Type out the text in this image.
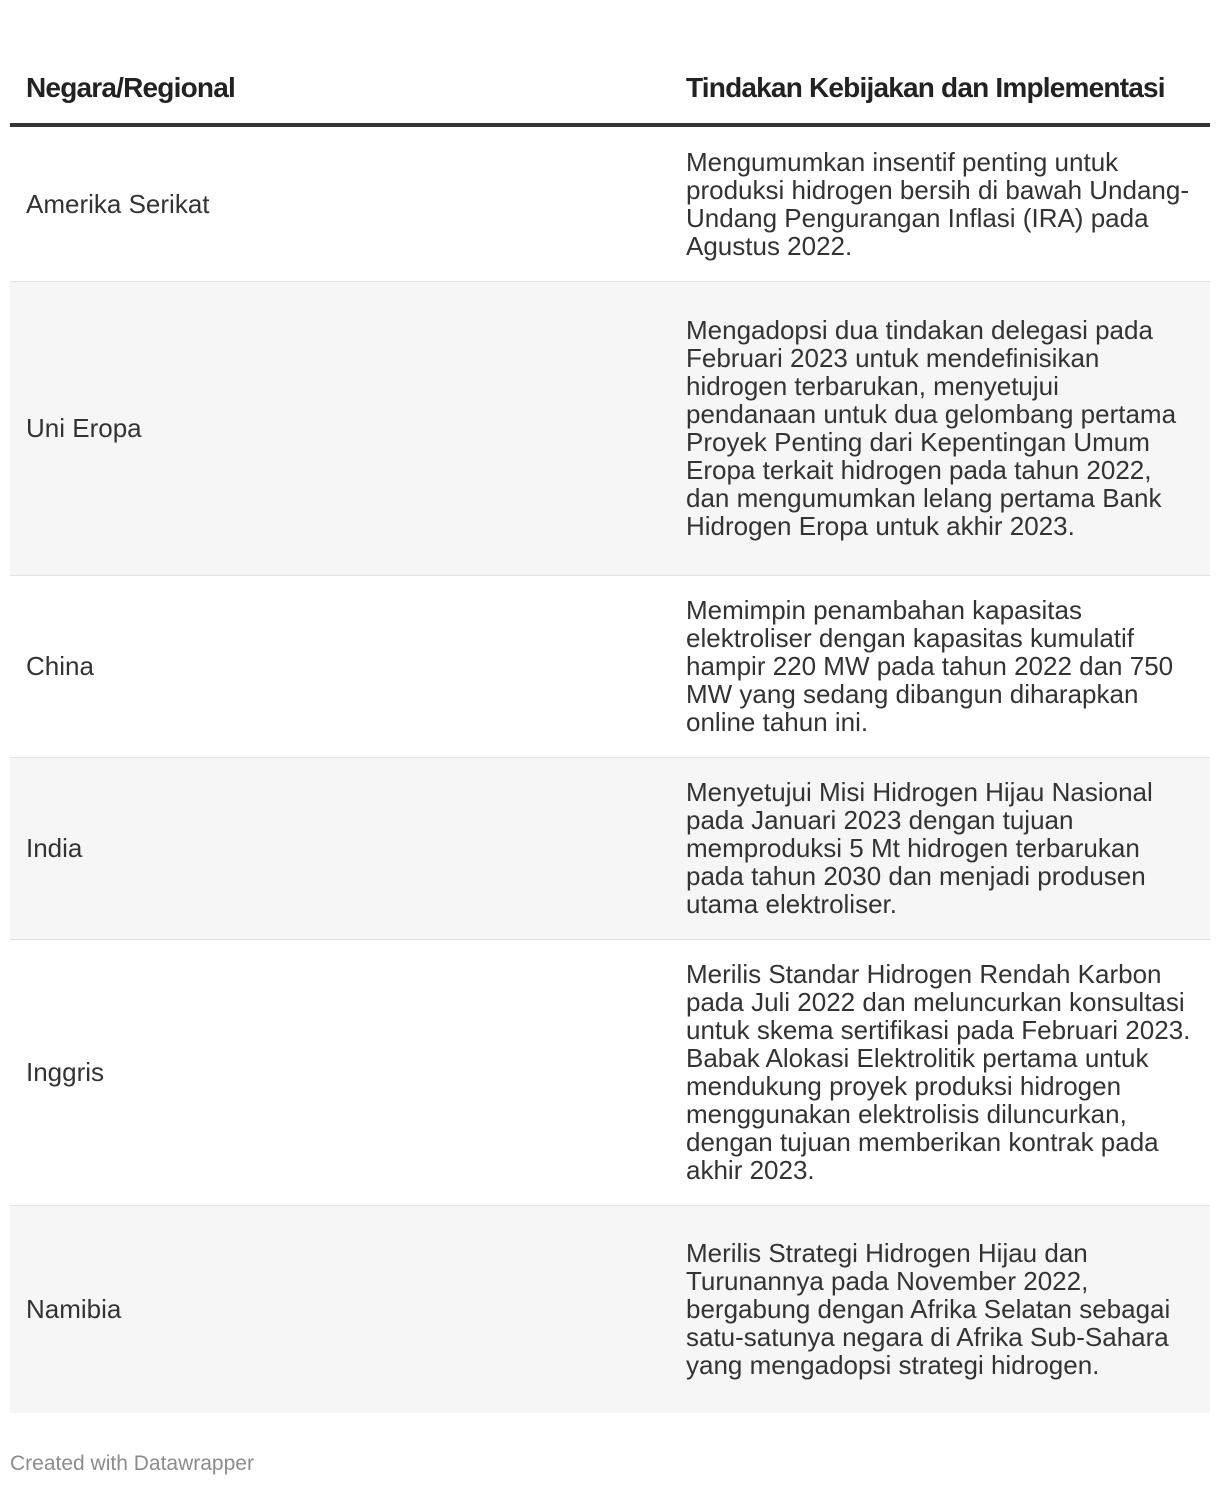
Negara/Regional	Tindakan Kebijakan dan Implementasi
Amerika Serikat	Mengumumkan insentif penting untuk produksi hidrogen bersih di bawah Undang-Undang Pengurangan Inflasi (IRA) pada Agustus 2022.
Uni Eropa	Mengadopsi dua tindakan delegasi pada Februari 2023 untuk mendefinisikan hidrogen terbarukan, menyetujui pendanaan untuk dua gelombang pertama Proyek Penting dari Kepentingan Umum Eropa terkait hidrogen pada tahun 2022, dan mengumumkan lelang pertama Bank Hidrogen Eropa untuk akhir 2023.
China	Memimpin penambahan kapasitas elektroliser dengan kapasitas kumulatif hampir 220 MW pada tahun 2022 dan 750 MW yang sedang dibangun diharapkan online tahun ini.
India	Menyetujui Misi Hidrogen Hijau Nasional pada Januari 2023 dengan tujuan memproduksi 5 Mt hidrogen terbarukan pada tahun 2030 dan menjadi produsen utama elektroliser.
Inggris	Merilis Standar Hidrogen Rendah Karbon pada Juli 2022 dan meluncurkan konsultasi untuk skema sertifikasi pada Februari 2023. Babak Alokasi Elektrolitik pertama untuk mendukung proyek produksi hidrogen menggunakan elektrolisis diluncurkan, dengan tujuan memberikan kontrak pada akhir 2023.
Namibia	Merilis Strategi Hidrogen Hijau dan Turunannya pada November 2022, bergabung dengan Afrika Selatan sebagai satu-satunya negara di Afrika Sub-Sahara yang mengadopsi strategi hidrogen.
Created with Datawrapper
